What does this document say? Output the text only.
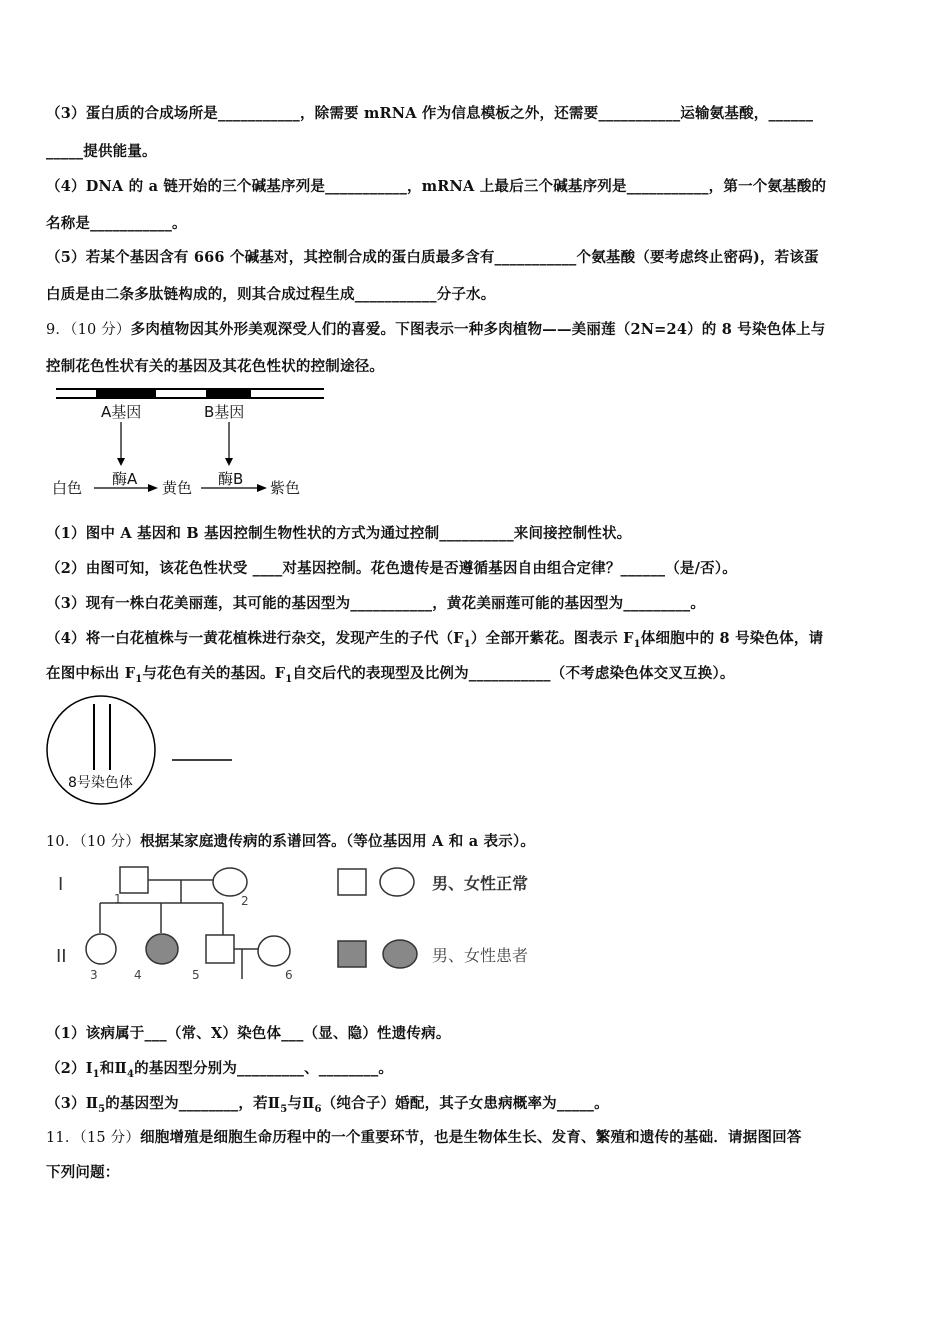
（3）蛋白质的合成场所是___________，除需要 mRNA 作为信息模板之外，还需要___________运输氨基酸，______
_____提供能量。
（4）DNA 的 a 链开始的三个碱基序列是___________，mRNA 上最后三个碱基序列是___________，第一个氨基酸的
名称是___________。
（5）若某个基因含有 666 个碱基对，其控制合成的蛋白质最多含有___________个氨基酸（要考虑终止密码)，若该蛋
白质是由二条多肽链构成的，则其合成过程生成___________分子水。
9．（10 分）多肉植物因其外形美观深受人们的喜爱。下图表示一种多肉植物——美丽莲（2N=24）的 8 号染色体上与
控制花色性状有关的基因及其花色性状的控制途径。
A基因	B基因
酶A	酶B
白色	黄色	紫色
（1）图中 A 基因和 B 基因控制生物性状的方式为通过控制__________来间接控制性状。
（2）由图可知，该花色性状受 ____对基因控制。花色遗传是否遵循基因自由组合定律？______（是/否）。
（3）现有一株白花美丽莲，其可能的基因型为___________，黄花美丽莲可能的基因型为_________。
（4）将一白花植株与一黄花植株进行杂交，发现产生的子代$(F_1)$全部开紫花。图表示 $F_1$体细胞中的 8 号染色体，请
在图中标出 $F_1$与花色有关的基因。$F_1$自交后代的表现型及比例为___________（不考虑染色体交叉互换）。
8号染色体
10．（10 分）根据某家庭遗传病的系谱回答。（等位基因用 A 和 a 表示）。
I
II
1	2
3	4	5	6
男、女性正常
男、女性患者
（1）该病属于___（常、X）染色体___（显、隐）性遗传病。
$(2)Ⅰ_1$和$Ⅱ_4$的基因型分别为_________、________。
$(3)Ⅱ_5$的基因型为________，若$Ⅱ_5$与$Ⅱ_6$（纯合子）婚配，其子女患病概率为_____。
11．（15 分）细胞增殖是细胞生命历程中的一个重要环节，也是生物体生长、发育、繁殖和遗传的基础．请据图回答
下列问题：
